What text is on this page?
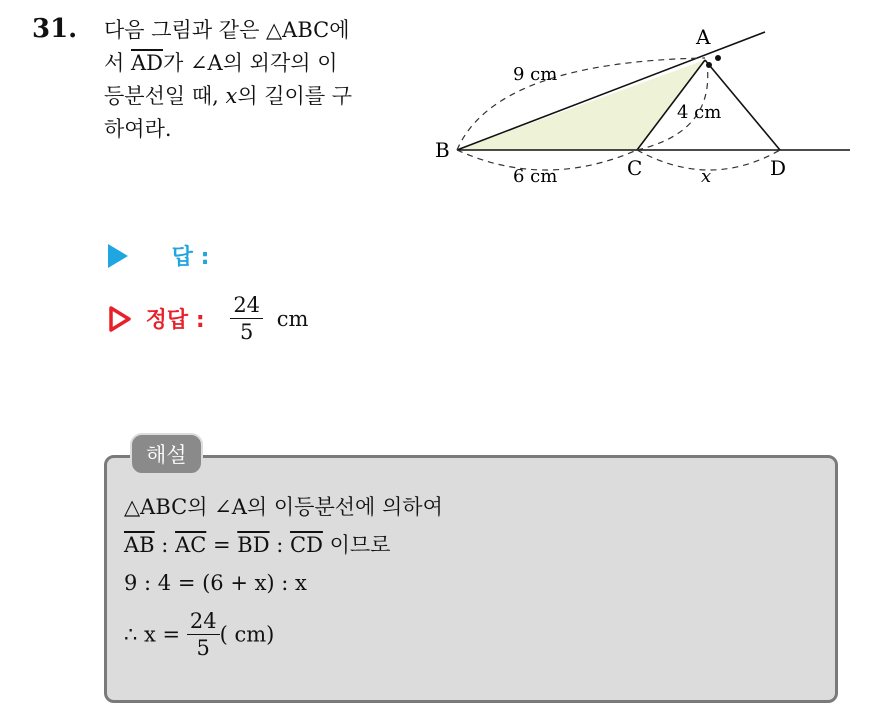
31. 다음 그림과 같은 △ABC에
서 $\overline{AD}$가 ∠A의 외각의 이
등분선일 때, x의 길이를 구
하여라.
A
B
C	D
9 cm
4 cm
6 cm	x
답 :
정답 : $\frac{24}{5}$ cm
해설
△ABC의 ∠A의 이등분선에 의하여
$\overline{AB}$ : $\overline{AC} = \overline{BD}$ : $\overline{CD}$ 이므로
9 : 4 = (6 + x) : x
∴ $x = \frac{24}{5}$ ( cm)
